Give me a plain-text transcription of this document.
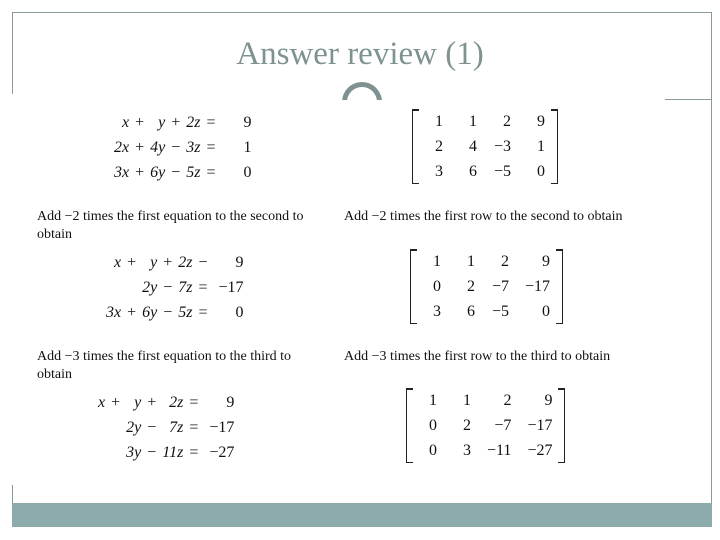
Answer review (1)
x	+	y	+	2z	=	9
2x	+	4y	−	3z	=	1
3x	+	6y	−	5z	=	0
x	+	y	+	2z	−	9
		2y	−	7z	=	−17
3x	+	6y	−	5z	=	0
x	+	y	+	2z	=	9
		2y	−	7z	=	−17
		3y	−	11z	=	−27
1	1	2	9
2	4	−3	1
3	6	−5	0
1	1	2	9
0	2	−7	−17
3	6	−5	0
1	1	2	9
0	2	−7	−17
0	3	−11	−27
Add −2 times the first equation to the second to obtain
Add −2 times the first row to the second to obtain
Add −3 times the first equation to the third to obtain
Add −3 times the first row to the third to obtain
